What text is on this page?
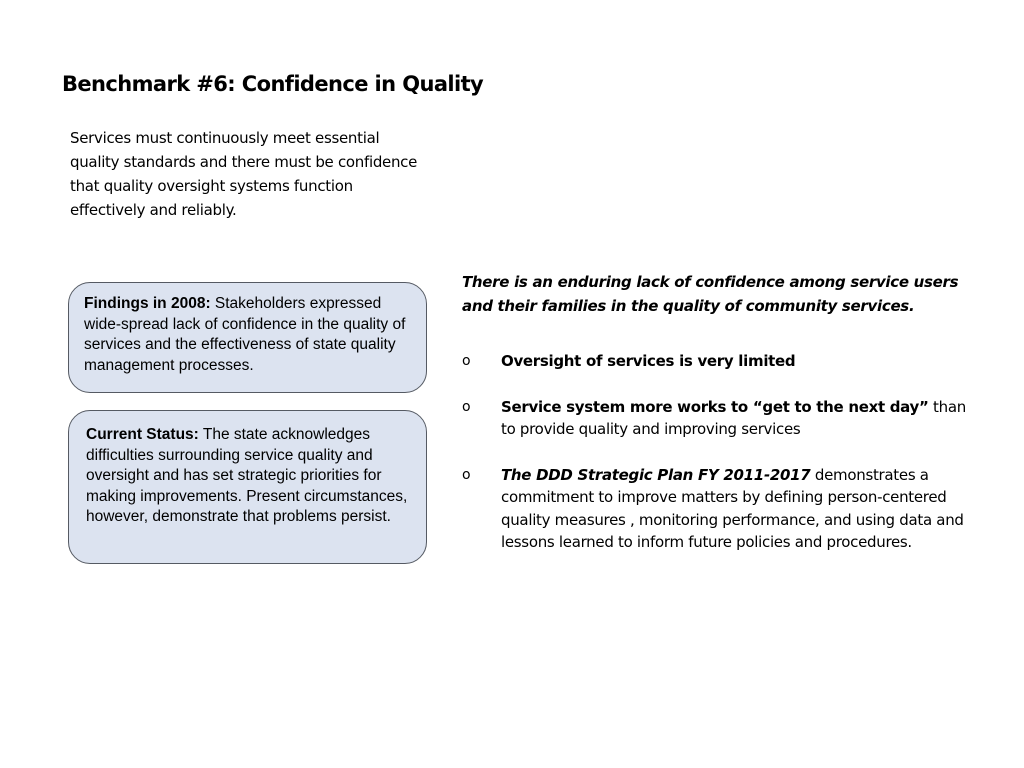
Benchmark #6: Confidence in Quality

Services must continuously meet essential quality standards and there must be confidence that quality oversight systems function effectively and reliably.

Findings in 2008: Stakeholders expressed wide-spread lack of confidence in the quality of services and the effectiveness of state quality management processes.
Current Status: The state acknowledges difficulties surrounding service quality and oversight and has set strategic priorities for making improvements. Present circumstances, however, demonstrate that problems persist.

There is an enduring lack of confidence among service users and their families in the quality of community services.

o Oversight of services is very limited
o Service system more works to “get to the next day” than to provide quality and improving services
o The DDD Strategic Plan FY 2011-2017 demonstrates a commitment to improve matters by defining person-centered quality measures , monitoring performance, and using data and lessons learned to inform future policies and procedures.
